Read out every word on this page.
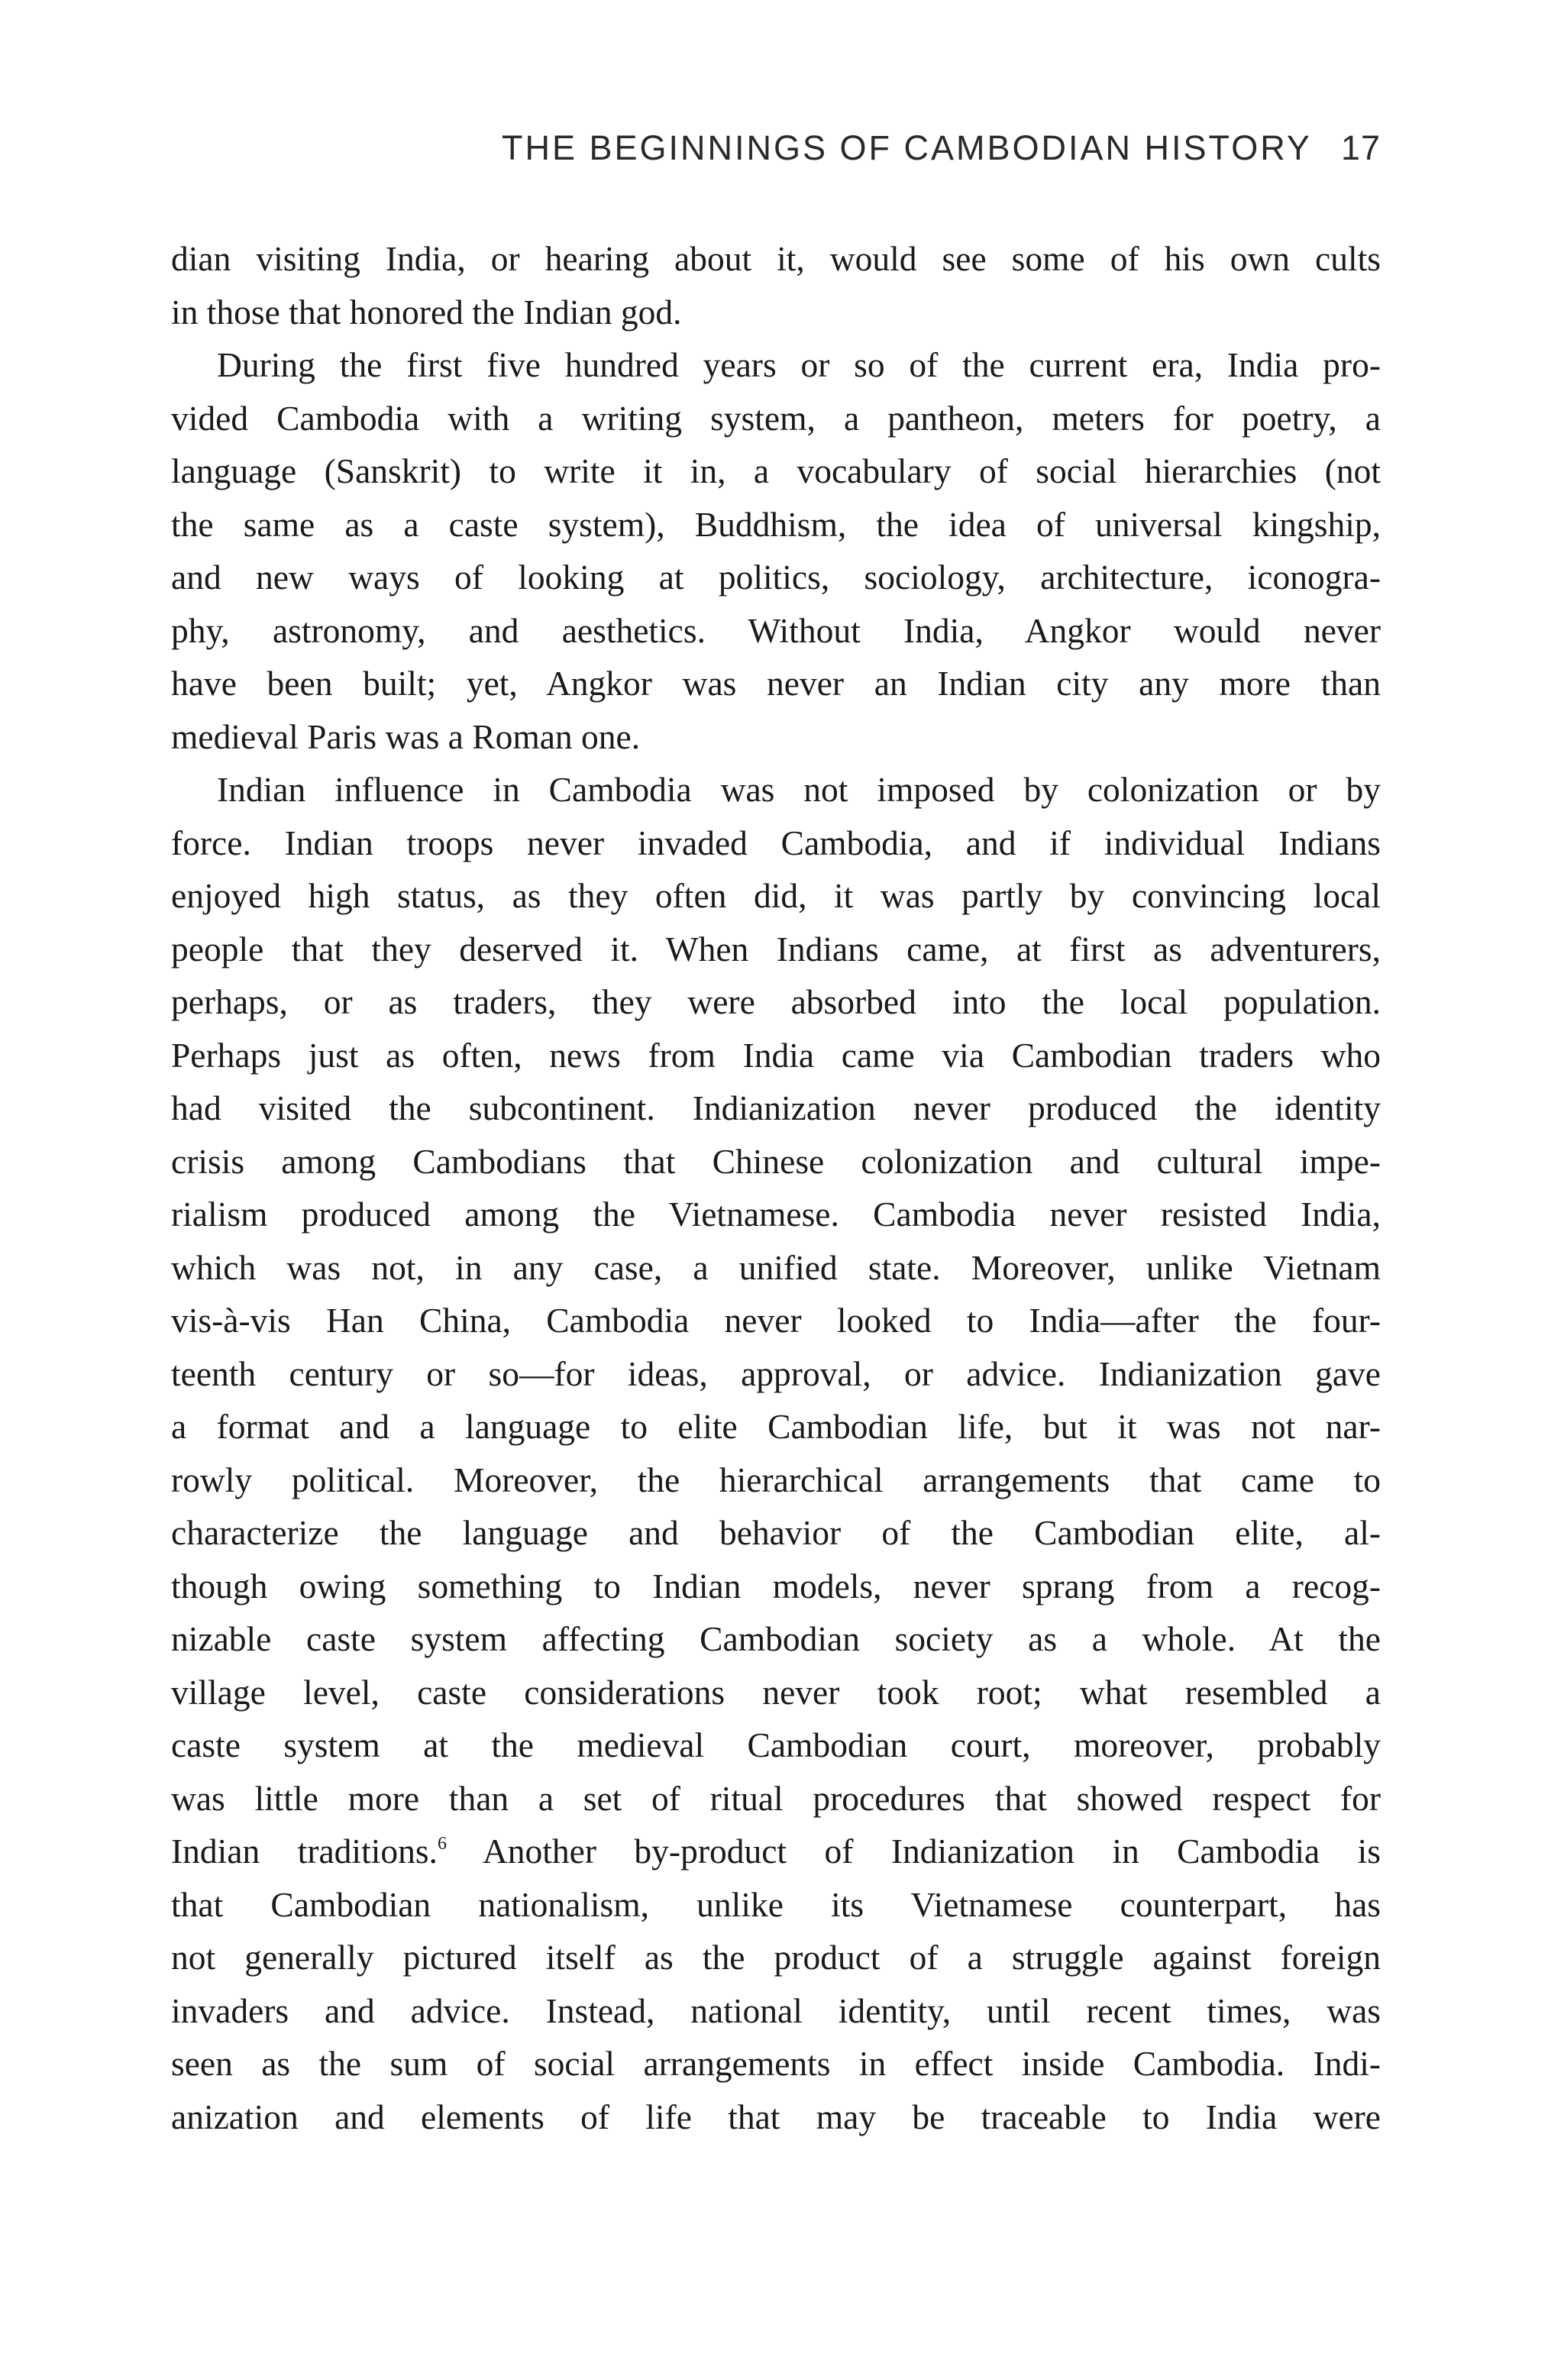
THE BEGINNINGS OF CAMBODIAN HISTORY 17
dian visiting India, or hearing about it, would see some of his own cults
in those that honored the Indian god.
During the first five hundred years or so of the current era, India pro-
vided Cambodia with a writing system, a pantheon, meters for poetry, a
language (Sanskrit) to write it in, a vocabulary of social hierarchies (not
the same as a caste system), Buddhism, the idea of universal kingship,
and new ways of looking at politics, sociology, architecture, iconogra-
phy, astronomy, and aesthetics. Without India, Angkor would never
have been built; yet, Angkor was never an Indian city any more than
medieval Paris was a Roman one.
Indian influence in Cambodia was not imposed by colonization or by
force. Indian troops never invaded Cambodia, and if individual Indians
enjoyed high status, as they often did, it was partly by convincing local
people that they deserved it. When Indians came, at first as adventurers,
perhaps, or as traders, they were absorbed into the local population.
Perhaps just as often, news from India came via Cambodian traders who
had visited the subcontinent. Indianization never produced the identity
crisis among Cambodians that Chinese colonization and cultural impe-
rialism produced among the Vietnamese. Cambodia never resisted India,
which was not, in any case, a unified state. Moreover, unlike Vietnam
vis-à-vis Han China, Cambodia never looked to India—after the four-
teenth century or so—for ideas, approval, or advice. Indianization gave
a format and a language to elite Cambodian life, but it was not nar-
rowly political. Moreover, the hierarchical arrangements that came to
characterize the language and behavior of the Cambodian elite, al-
though owing something to Indian models, never sprang from a recog-
nizable caste system affecting Cambodian society as a whole. At the
village level, caste considerations never took root; what resembled a
caste system at the medieval Cambodian court, moreover, probably
was little more than a set of ritual procedures that showed respect for
Indian traditions.$^6$ Another by-product of Indianization in Cambodia is
that Cambodian nationalism, unlike its Vietnamese counterpart, has
not generally pictured itself as the product of a struggle against foreign
invaders and advice. Instead, national identity, until recent times, was
seen as the sum of social arrangements in effect inside Cambodia. Indi-
anization and elements of life that may be traceable to India were
